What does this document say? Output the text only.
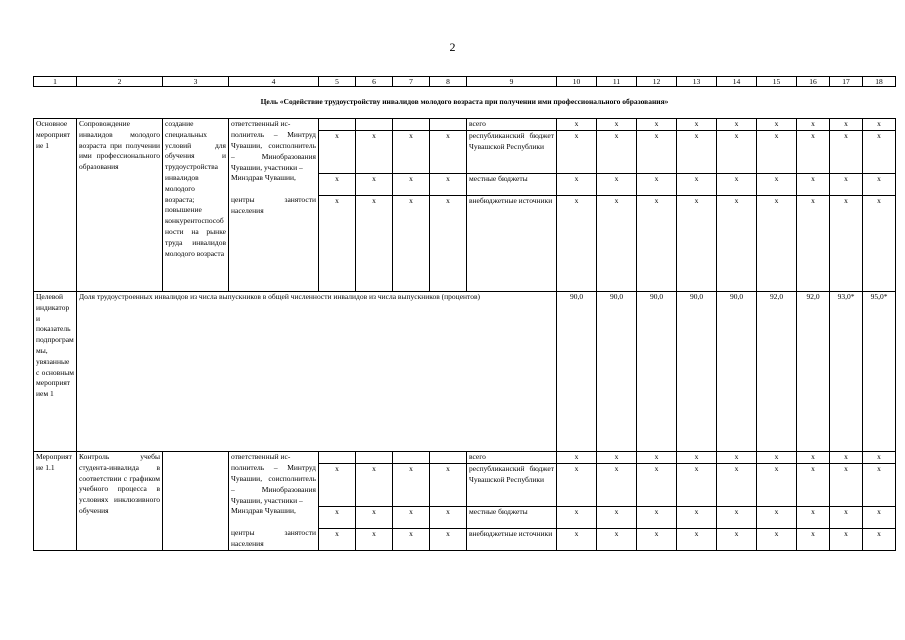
2
1	2	3	4	5	6	7	8	9	10	11	12	13	14	15	16	17	18
Цель «Содействие трудоустройству инвалидов молодого возраста при получении ими профессионального образования»																	
Основное мероприятие 1	Сопровождение инвалидов молодого возраста при получении ими профессионального образования	создание специальных условий для обучения и трудоустройства инвалидов молодого возраста; повышение конкурентоспособности на рынке труда инвалидов молодого возраста	ответственный ис-					всего	x	x	x	x	x	x	x	x	x
			полнитель – Минтруд Чувашии, соисполнитель – Минобразования Чувашии, участники –	x	x	x	x	республиканский бюджет Чувашской Республики	x	x	x	x	x	x	x	x	x
			Минздрав Чувашии,	x	x	x	x	местные бюджеты	x	x	x	x	x	x	x	x	x
			центры занятости населения	x	x	x	x	внебюджетные источники	x	x	x	x	x	x	x	x	x
Целевой индикатор и показатель подпрограммы, увязанные с основным мероприятием 1	Доля трудоустроенных инвалидов из числа выпускников в общей численности инвалидов из числа выпускников (процентов)								90,0	90,0	90,0	90,0	90,0	92,0	92,0	93,0*	95,0*
Мероприятие 1.1	Контроль учебы студента-инвалида в соответствии с графиком учебного процесса в условиях инклюзивного обучения		ответственный ис-					всего	x	x	x	x	x	x	x	x	x
			полнитель – Минтруд Чувашии, соисполнитель – Минобразования Чувашии, участники –	x	x	x	x	республиканский бюджет Чувашской Республики	x	x	x	x	x	x	x	x	x
			Минздрав Чувашии,	x	x	x	x	местные бюджеты	x	x	x	x	x	x	x	x	x
			центры занятости населения	x	x	x	x	внебюджетные источники	x	x	x	x	x	x	x	x	x
